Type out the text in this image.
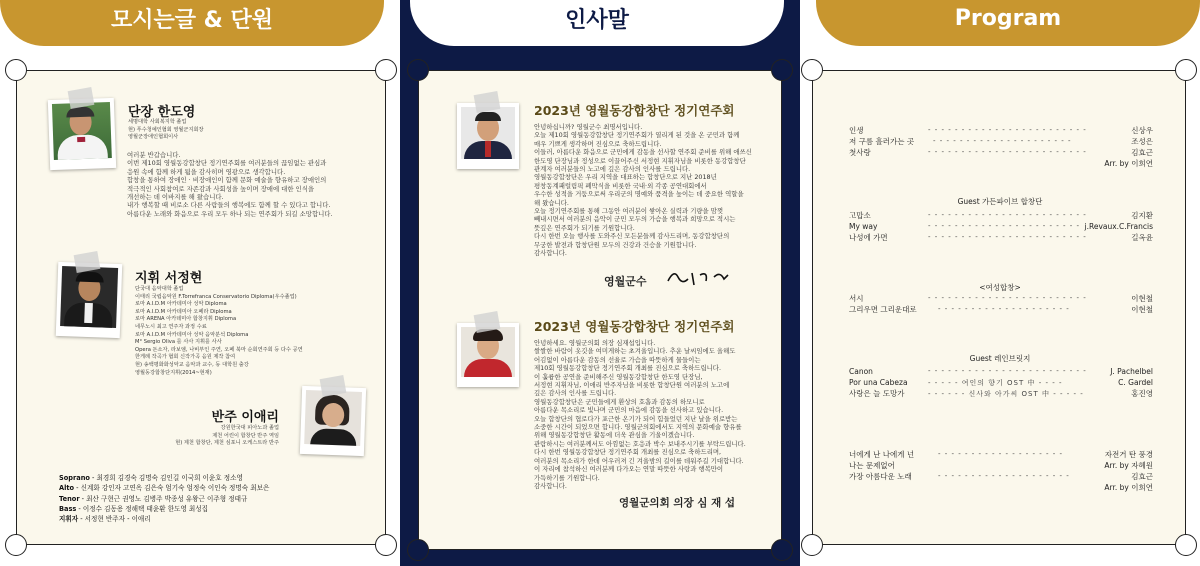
모시는글 & 단원
단장 한도영
세명대학 사회복지학 졸업
현) 푸수청예인협회 영월군지회장
영월군장애인협회이사
여러분 반갑습니다.
이번 제10회 영월동강합창단 정기연주회를 여러분들의 끊임없는 관심과
응원 속에 함께 하게 됨을 감사히며 영광으로 생각합니다.
합창을 통하여 장애인 · 비장애인이 함께 문화 예술을 향유하고 장애인의
적극적인 사회참여로 자존감과 사회성을 높이며 장애에 대한 인식을
개선하는 데 이바지를 해 왔습니다.
내가 행복할 때 비로소 다른 사람들의 행복에도 함께 할 수 있다고 합니다.
아름다운 노래와 화음으로 우리 모두 하나 되는 연주회가 되길 소망합니다.
지휘 서정현
단국대 음악대학 졸업
이태리 국립음악원 F.Torrefranca Conservatorio Diploma(우수졸업)
로마 A.I.D.M 아카데미아 성악 Diploma
로마 A.I.D.M 아카데미아 오페라 Diploma
로마 ARENA 아카데미아 합창지휘 Diploma
네무노시 최고 연주자 과정 수료
로마 A.I.D.M 아카데미아 성악 음악분석 Diploma
M° Sergio Oliva 를 사사 지휘를 사사
Opera 돈소자, 라보엠, 나비부인 주연, 오페 북마 순회연주회 등 다수 공연
한게례 작곡가 협회 신작가곡 음원 제작 참여
현) 송백평화화성악교 음악과 교수, 동 대학원 출강
영월동강합창단지휘(2014~현재)
반주 이애리
강원한국대 피아노과 졸업
제천 어린이 합창단 반주 역임
현) 제천 합창단, 제천 심포니 오케스트라 반주
Soprano - 최경희 김경숙 김명숙 김인길 이국희 이윤호 정소영
Alto - 신계화 강인자 고연옥 김은숙 엄기숙 엄정숙 이인숙 정명숙 최보은
Tenor - 최산 구현근 권영노 김병주 박종성 유왕근 이주형 정태규
Bass - 이정수 김동용 정해택 태윤환 한도영 최성집
지휘자 - 서정현 반주자 - 이애리
인사말
2023년 영월동강합창단 정기연주회
안녕하십니까? 영월군수 최명서입니다.
오늘 제10회 영월동강합창단 정기연주회가 열리게 된 것을 온 군민과 함께
매우 기쁘게 생각하며 진심으로 축하드립니다.
이들러, 아름다운 화음으로 군민에게 감동을 선사할 연주회 준비를 위해 애쓰신
한도영 단장님과 정성으로 이끌어주신 서정현 지휘자님을 비롯한 동강합창단
관계자 여러분들의 노고에 깊은 감사의 인사를 드립니다.
영월동강합창단은 우리 지역을 대표하는 합창단으로 지난 2018년
평창동계패럴림픽 폐막식을 비롯한 국내·외 각종 공연대회에서
우수한 성적을 거둠으로써 우리군의 명예와 품격을 높이는 데 중요한 역할을
해 왔습니다.
오늘 정기연주회를 통해 그동안 여러분이 쌓아온 실력과 기량을 맘껏
빼내시면서 여러분의 음악이 군민 모두의 가슴을 행복과 희망으로 적시는
뜻깊은 연주회가 되기를 기원합니다.
다시 한번 오늘 행사를 도와주신 모든분들께 감사드리며, 동강합창단의
무궁한 발전과 합창단원 모두의 건강과 건승을 기원합니다.
감사합니다.
영월군수
2023년 영월동강합창단 정기연주회
안녕하세요. 영월군의회 의장 심재섭입니다.
쌀쌀한 바람이 옷깃을 여미게하는 초겨울입니다. 추운 날씨임에도 올해도
어김없이 아름다운 감동의 선율로 가슴을 따뜻하게 물들이는
제10회 영월동강합창단 정기연주회 개최를 진심으로 축하드립니다.
이 훌륭한 공연을 준비해주신 영월동강합창단 한도영 단장님,
서정현 지휘자님, 이애리 반주자님을 비롯한 합창단원 여러분의 노고에
깊은 감사의 인사를 드립니다.
영월동강합창단은 군민들에게 환상의 호흡과 감동의 하모니로
아름다운 목소리로 빛나며 군민의 마음에 감동을 선사하고 있습니다.
오늘 합창단의 협로다가 포근한 온기가 되어 힘들었던 지난 날을 위로받는
소중한 시간이 되었으면 합니다. 영월군의회에서도 지역의 문화예술 향유를
위해 영월동강합창단 활동에 더욱 관심을 기울이겠습니다.
관람하시는 여러분께서도 아낌없는 호응과 박수 보내주시기를 부탁드립니다.
다시 한번 영월동강합창단 정기연주회 개최를 진심으로 축하드리며,
여러분의 목소리가 한데 어우러져 긴 겨울밤의 길이를 데워주길 기대합니다.
이 자리에 참석하신 여러분께 다가오는 연말 따뜻한 사랑과 행복만이
가득하기를 기원합니다.
감사합니다.
영월군의회 의장 심 재 섭
Program
인생	- - - - - - - - - - - - - - - - - - - - - - - -	신상우
저 구름 흘러가는 곳	- - - - - - - - - - - - - - - - - - - - -	조성은
첫사랑	- - - - - - - - - - - - - - - - - - - - - - - -	김효근
Arr. by 이희연
Guest 가든파이브 합창단
고맙소	- - - - - - - - - - - - - - - - - - - - - - - -	김지환
My way	- - - - - - - - - - - - - - - - - - - - - - - j.Revaux.C.Francis
나성에 가면	- - - - - - - - - - - - - - - - - - - - - - - -	길옥윤
<여성합창>
서시	- - - - - - - - - - - - - - - - - - - - - - - -	이현철
그리우면 그리운대로	- - - - - - - - - - - - - - - - - - - -	이현철
Guest 레인브릿지
Canon	- - - - - - - - - - - - - - - - - - - - - - - -	J. Pachelbel
Por una Cabeza	- - - - - 여인의 향기 OST 中 - - - -	C. Gardel
사랑은 늘 도망가	- - - - - - 신사와 아가씨 OST 中 - - - - -	홍진영
너에게 난 나에게 넌	- - - - - - - - - - - - - - - - - - -	자전거 탄 풍경
나는 문제없어	Arr. by 자혜원
가장 아름다운 노래	- - - - - - - - - - - - - - - - - - - -	김효근
Arr. by 이희연
